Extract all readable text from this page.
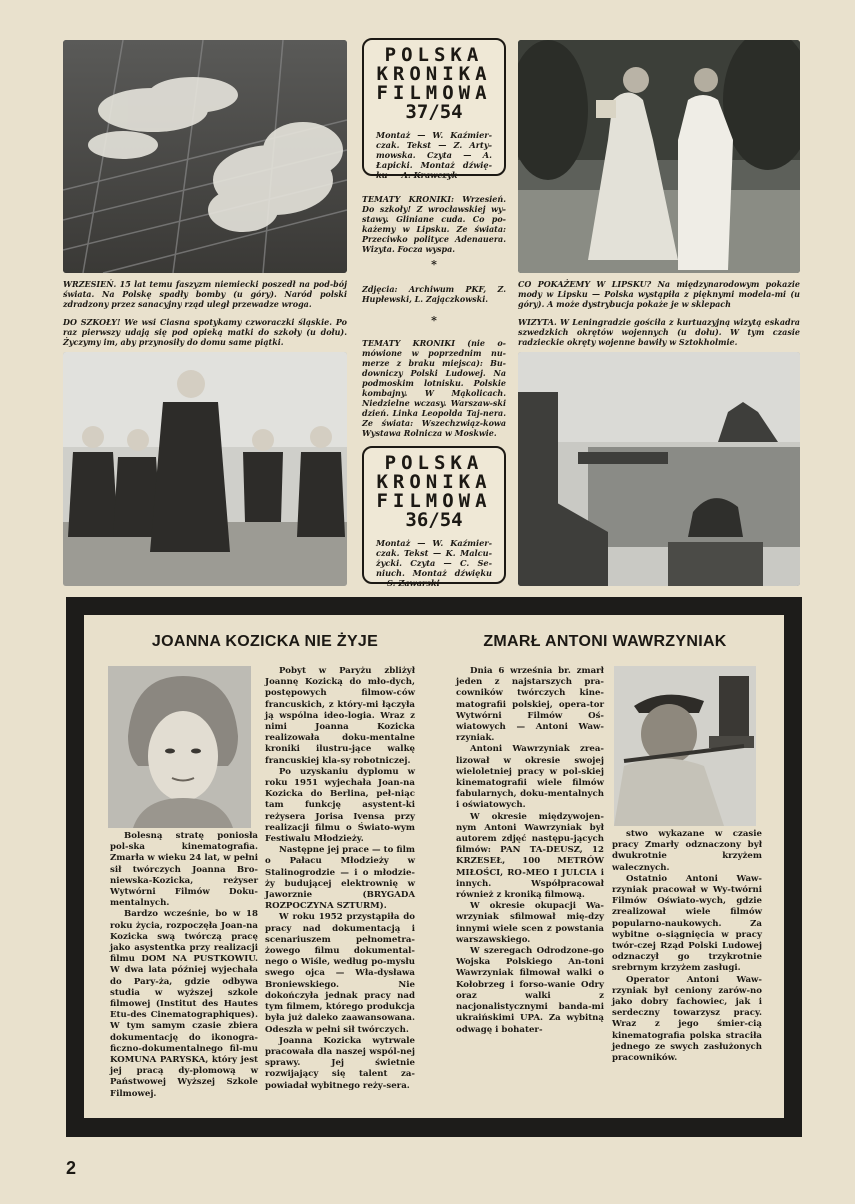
POLSKA
KRONIKA
FILMOWA
37/54
Montaż — W. Kaźmier-czak. Tekst — Z. Arty-mowska. Czyta — A. Łapicki. Montaż dźwię-ku — A. Krawczyk
TEMATY KRONIKI: Wrzesień. Do szkoły! Z wrocławskiej wy-stawy. Gliniane cuda. Co po-każemy w Lipsku. Ze świata: Przeciwko polityce Adenauera. Wizyta. Focza wyspa.
*
Zdjęcia: Archiwum PKF, Z. Hupłewski, L. Zajączkowski.
*
TEMATY KRONIKI (nie o-mówione w poprzednim nu-merze z braku miejsca): Bu-downiczy Polski Ludowej. Na podmoskim lotnisku. Polskie kombajny. W Mąkolicach. Niedzielne wczasy. Warszaw-ski dzień. Linka Leopolda Taj-nera. Ze świata: Wszechzwiąz-kowa Wystawa Rolnicza w Moskwie.
POLSKA
KRONIKA
FILMOWA
36/54
Montaż — W. Kaźmier-czak. Tekst — K. Malcu-życki. Czyta — C. Se-niuch. Montaż dźwięku — S. Zawarski
WRZESIEŃ. 15 lat temu faszyzm niemiecki poszedł na pod-bój świata. Na Polskę spadły bomby (u góry). Naród polski zdradzony przez sanacyjny rząd uległ przewadze wroga.
DO SZKOŁY! We wsi Ciasna spotykamy czworaczki śląskie. Po raz pierwszy udają się pod opieką matki do szkoły (u dołu). Życzymy im, aby przynosiły do domu same piątki.
CO POKAŻEMY W LIPSKU? Na międzynarodowym pokazie mody w Lipsku — Polska wystąpiła z pięknymi modela-mi (u góry). A może dystrybucja pokaże je w sklepach
WIZYTA. W Leningradzie gościła z kurtuazyjną wizytą eskadra szwedzkich okrętów wojennych (u dołu). W tym czasie radzieckie okręty wojenne bawiły w Sztokholmie.
JOANNA KOZICKA NIE ŻYJE	ZMARŁ ANTONI WAWRZYNIAK

Bolesną stratę poniosła pol-ska kinematografia. Zmarła w wieku 24 lat, w pełni sił twórczych Joanna Bro-niewska-Kozicka, reżyser Wytwórni Filmów Doku-mentalnych.

Bardzo wcześnie, bo w 18 roku życia, rozpoczęła Joan-na Kozicka swą twórczą pracę jako asystentka przy realizacji filmu DOM NA PUSTKOWIU. W dwa lata później wyjechała do Pary-ża, gdzie odbywa studia w wyższej szkole filmowej (Institut des Hautes Etu-des Cinematographiques). W tym samym czasie zbiera dokumentację do ikonogra-ficzno-dokumentalnego fil-mu KOMUNA PARYSKA, który jest jej pracą dy-plomową w Państwowej Wyższej Szkole Filmowej.

Pobyt w Paryżu zbliżył Joannę Kozicką do mło-dych, postępowych filmow-ców francuskich, z który-mi łączyła ją wspólna ideo-logia. Wraz z nimi Joanna Kozicka realizowała doku-mentalne kroniki ilustru-jące walkę francuskiej kla-sy robotniczej.

Po uzyskaniu dyplomu w roku 1951 wyjechała Joan-na Kozicka do Berlina, peł-niąc tam funkcję asystent-ki reżysera Jorisa Ivensa przy realizacji filmu o Świato-wym Festiwalu Młodzieży.

Następne jej prace — to film o Pałacu Młodzieży w Stalinogrodzie — i o młodzie-ży budującej elektrownię w Jaworznie (BRYGADA ROZPOCZYNA SZTURM).

W roku 1952 przystąpiła do pracy nad dokumentacją i scenariuszem pełnometra-żowego filmu dokumental-nego o Wiśle, według po-mysłu swego ojca — Wła-dysława Broniewskiego. Nie dokończyła jednak pracy nad tym filmem, którego produkcja była już daleko zaawansowana. Odeszła w pełni sił twórczych.

Joanna Kozicka wytrwale pracowała dla naszej wspól-nej sprawy. Jej świetnie rozwijający się talent za-powiadał wybitnego reży-sera.

Dnia 6 września br. zmarł jeden z najstarszych pra-cowników twórczych kine-matografii polskiej, opera-tor Wytwórni Filmów Oś-wiatowych — Antoni Waw-rzyniak.

Antoni Wawrzyniak zrea-lizował w okresie swojej wieloletniej pracy w pol-skiej kinematografii wiele filmów fabularnych, doku-mentalnych i oświatowych.

W okresie międzywojen-nym Antoni Wawrzyniak był autorem zdjęć następu-jących filmów: PAN TA-DEUSZ, 12 KRZESEŁ, 100 METRÓW MIŁOŚCI, RO-MEO I JULCIA i innych. Współpracował również z kroniką filmową.

W okresie okupacji Wa-wrzyniak sfilmował mię-dzy innymi wiele scen z powstania warszawskiego.

W szeregach Odrodzone-go Wojska Polskiego An-toni Wawrzyniak filmował walki o Kołobrzeg i forso-wanie Odry oraz walki z nacjonalistycznymi banda-mi ukraińskimi UPA. Za wybitną odwagę i bohater-

stwo wykazane w czasie pracy Zmarły odznaczony był dwukrotnie krzyżem walecznych.

Ostatnio Antoni Waw-rzyniak pracował w Wy-twórni Filmów Oświato-wych, gdzie zrealizował wiele filmów popularno-naukowych. Za wybitne o-siągnięcia w pracy twór-czej Rząd Polski Ludowej odznaczył go trzykrotnie srebrnym krzyżem zasługi.

Operator Antoni Waw-rzyniak był ceniony zarów-no jako dobry fachowiec, jak i serdeczny towarzysz pracy. Wraz z jego śmier-cią kinematografia polska straciła jednego ze swych zasłużonych pracowników.

2
